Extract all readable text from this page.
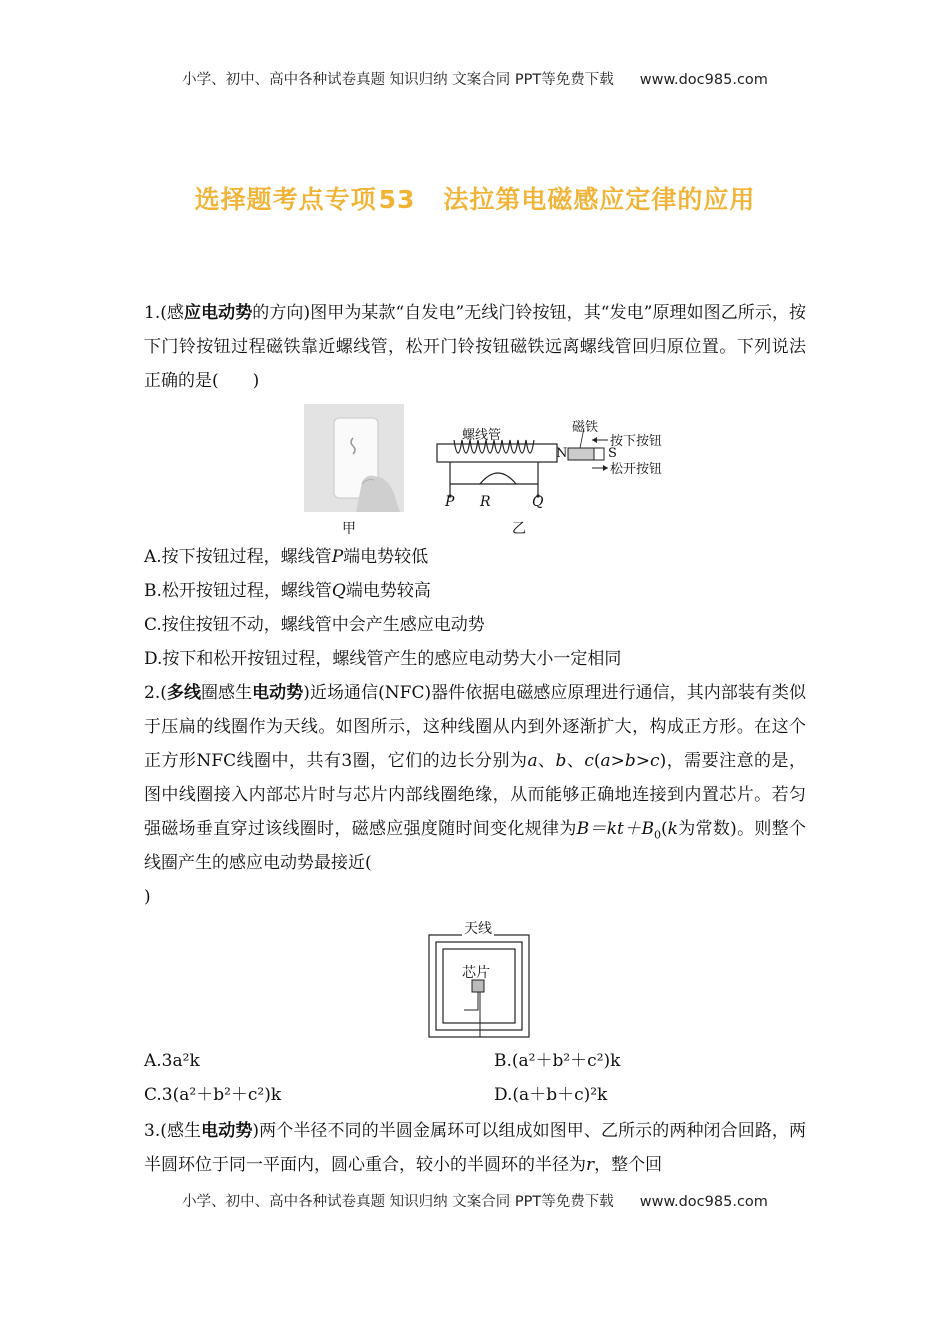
小学、初中、高中各种试卷真题 知识归纳 文案合同 PPT等免费下载 www.doc985.com
选择题考点专项53 法拉第电磁感应定律的应用
1.(感应电动势的方向)图甲为某款“自发电”无线门铃按钮，其“发电”原理如图乙所示，按下门铃按钮过程磁铁靠近螺线管，松开门铃按钮磁铁远离螺线管回归原位置。下列说法正确的是(　　)
甲
螺线管
磁铁
按下按钮
松开按钮
N	S
P R	Q
乙
A.按下按钮过程，螺线管P端电势较低
B.松开按钮过程，螺线管Q端电势较高
C.按住按钮不动，螺线管中会产生感应电动势
D.按下和松开按钮过程，螺线管产生的感应电动势大小一定相同
2.(多线圈感生电动势)近场通信(NFC)器件依据电磁感应原理进行通信，其内部装有类似于压扁的线圈作为天线。如图所示，这种线圈从内到外逐渐扩大，构成正方形。在这个正方形NFC线圈中，共有3圈，它们的边长分别为a、b、c(a>b>c)，需要注意的是，图中线圈接入内部芯片时与芯片内部线圈绝缘，从而能够正确地连接到内置芯片。若匀强磁场垂直穿过该线圈时，磁感应强度随时间变化规律为$B=kt+B_0(k$为常数)。则整个线圈产生的感应电动势最接近(
)
天线
芯片
A.3a²k	B.(a²＋b²＋c²)k
C.3(a²＋b²＋c²)k	D.(a＋b＋c)²k
3.(感生电动势)两个半径不同的半圆金属环可以组成如图甲、乙所示的两种闭合回路，两半圆环位于同一平面内，圆心重合，较小的半圆环的半径为r，整个回
小学、初中、高中各种试卷真题 知识归纳 文案合同 PPT等免费下载 www.doc985.com
